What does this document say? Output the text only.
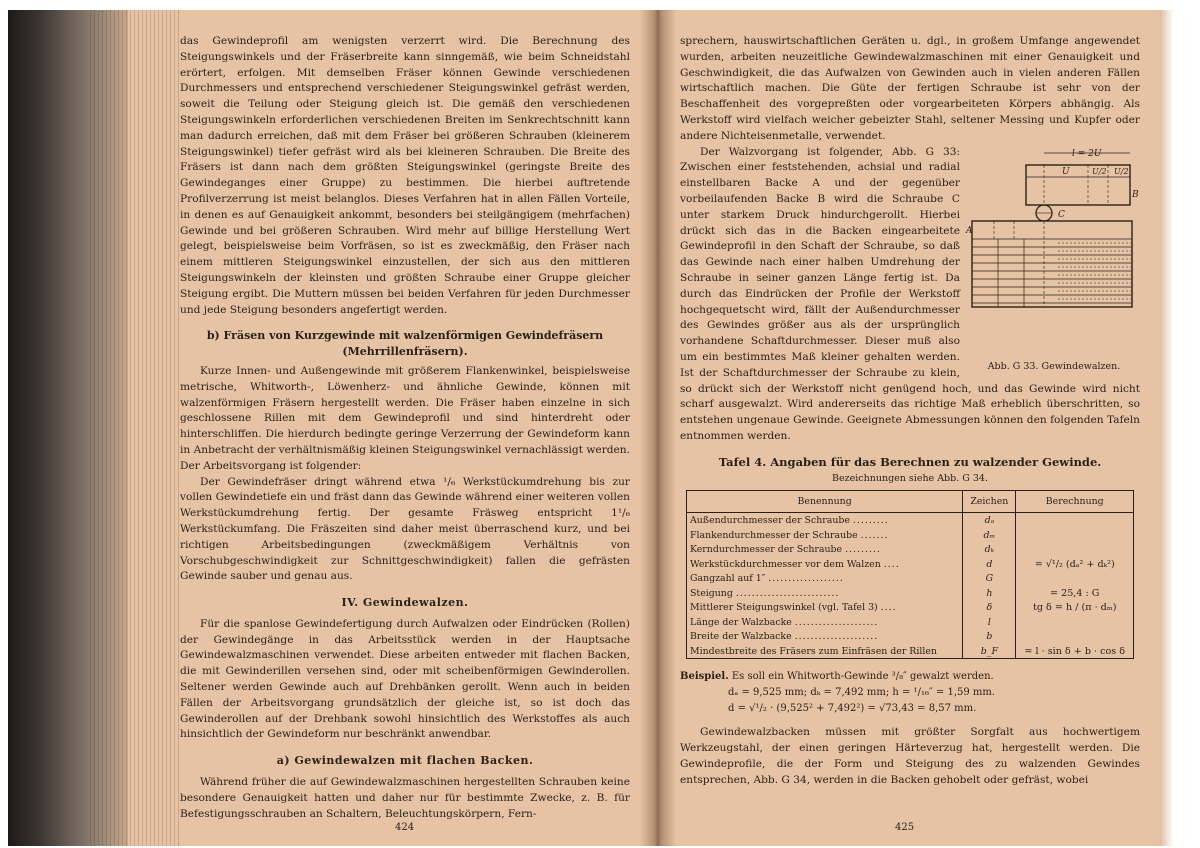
das Gewindeprofil am wenigsten verzerrt wird. Die Berechnung des Steigungswinkels und der Fräserbreite kann sinngemäß, wie beim Schneidstahl erörtert, erfolgen. Mit demselben Fräser können Gewinde verschiedenen Durchmessers und entsprechend verschiedener Steigungswinkel gefräst werden, soweit die Teilung oder Steigung gleich ist. Die gemäß den verschiedenen Steigungswinkeln erforderlichen verschiedenen Breiten im Senkrechtschnitt kann man dadurch erreichen, daß mit dem Fräser bei größeren Schrauben (kleinerem Steigungswinkel) tiefer gefräst wird als bei kleineren Schrauben. Die Breite des Fräsers ist dann nach dem größten Steigungswinkel (geringste Breite des Gewindeganges einer Gruppe) zu bestimmen. Die hierbei auftretende Profilverzerrung ist meist belanglos. Dieses Verfahren hat in allen Fällen Vorteile, in denen es auf Genauigkeit ankommt, besonders bei steilgängigem (mehrfachen) Gewinde und bei größeren Schrauben. Wird mehr auf billige Herstellung Wert gelegt, beispielsweise beim Vorfräsen, so ist es zweckmäßig, den Fräser nach einem mittleren Steigungswinkel einzustellen, der sich aus den mittleren Steigungswinkeln der kleinsten und größten Schraube einer Gruppe gleicher Steigung ergibt. Die Muttern müssen bei beiden Verfahren für jeden Durchmesser und jede Steigung besonders angefertigt werden.

b) Fräsen von Kurzgewinde mit walzenförmigen Gewindefräsern
(Mehrrillenfräsern).

Kurze Innen- und Außengewinde mit größerem Flankenwinkel, beispielsweise metrische, Whitworth-, Löwenherz- und ähnliche Gewinde, können mit walzenförmigen Fräsern hergestellt werden. Die Fräser haben einzelne in sich geschlossene Rillen mit dem Gewindeprofil und sind hinterdreht oder hinterschliffen. Die hierdurch bedingte geringe Verzerrung der Gewindeform kann in Anbetracht der verhältnismäßig kleinen Steigungswinkel vernachlässigt werden. Der Arbeitsvorgang ist folgender:

Der Gewindefräser dringt während etwa ¹/₆ Werkstückumdrehung bis zur vollen Gewindetiefe ein und fräst dann das Gewinde während einer weiteren vollen Werkstückumdrehung fertig. Der gesamte Fräsweg entspricht 1¹/₆ Werkstückumfang. Die Fräszeiten sind daher meist überraschend kurz, und bei richtigen Arbeitsbedingungen (zweckmäßigem Verhältnis von Vorschubgeschwindigkeit zur Schnittgeschwindigkeit) fallen die gefrästen Gewinde sauber und genau aus.

IV. Gewindewalzen.

Für die spanlose Gewindefertigung durch Aufwalzen oder Eindrücken (Rollen) der Gewindegänge in das Arbeitsstück werden in der Hauptsache Gewindewalzmaschinen verwendet. Diese arbeiten entweder mit flachen Backen, die mit Gewinderillen versehen sind, oder mit scheibenförmigen Gewinderollen. Seltener werden Gewinde auch auf Drehbänken gerollt. Wenn auch in beiden Fällen der Arbeitsvorgang grundsätzlich der gleiche ist, so ist doch das Gewinderollen auf der Drehbank sowohl hinsichtlich des Werkstoffes als auch hinsichtlich der Gewindeform nur beschränkt anwendbar.

a) Gewindewalzen mit flachen Backen.

Während früher die auf Gewindewalzmaschinen hergestellten Schrauben keine besondere Genauigkeit hatten und daher nur für bestimmte Zwecke, z. B. für Befestigungsschrauben an Schaltern, Beleuchtungskörpern, Fern-

424

sprechern, hauswirtschaftlichen Geräten u. dgl., in großem Umfange angewendet wurden, arbeiten neuzeitliche Gewindewalzmaschinen mit einer Genauigkeit und Geschwindigkeit, die das Aufwalzen von Gewinden auch in vielen anderen Fällen wirtschaftlich machen. Die Güte der fertigen Schraube ist sehr von der Beschaffenheit des vorgepreßten oder vorgearbeiteten Körpers abhängig. Als Werkstoff wird vielfach weicher gebeizter Stahl, seltener Messing und Kupfer oder andere Nichteisenmetalle, verwendet.

l = 2U
U	U/2 U/2
B
C
A
Abb. G 33. Gewindewalzen.

Der Walzvorgang ist folgender, Abb. G 33: Zwischen einer feststehenden, achsial und radial einstellbaren Backe A und der gegenüber vorbeilaufenden Backe B wird die Schraube C unter starkem Druck hindurchgerollt. Hierbei drückt sich das in die Backen eingearbeitete Gewindeprofil in den Schaft der Schraube, so daß das Gewinde nach einer halben Umdrehung der Schraube in seiner ganzen Länge fertig ist. Da durch das Eindrücken der Profile der Werkstoff hochgequetscht wird, fällt der Außendurchmesser des Gewindes größer aus als der ursprünglich vorhandene Schaftdurchmesser. Dieser muß also um ein bestimmtes Maß kleiner gehalten werden. Ist der Schaftdurchmesser der Schraube zu klein, so drückt sich der Werkstoff nicht genügend hoch, und das Gewinde wird nicht scharf ausgewalzt. Wird andererseits das richtige Maß erheblich überschritten, so entstehen ungenaue Gewinde. Geeignete Abmessungen können den folgenden Tafeln entnommen werden.

Tafel 4. Angaben für das Berechnen zu walzender Gewinde.
Bezeichnungen siehe Abb. G 34.
Benennung	Zeichen	Berechnung
Außendurchmesser der Schraube .........	dₐ	
Flankendurchmesser der Schraube .......	dₘ	
Kerndurchmesser der Schraube .........	dₖ	
Werkstückdurchmesser vor dem Walzen ....	d	= √¹/₂ (dₐ² + dₖ²)
Gangzahl auf 1″ ...................	G	
Steigung ..........................	h	= 25,4 : G
Mittlerer Steigungswinkel (vgl. Tafel 3) ....	δ	tg δ = h / (π · dₘ)
Länge der Walzbacke .....................	l	
Breite der Walzbacke .....................	b	
Mindestbreite des Fräsers zum Einfräsen der Rillen	b_F	= l · sin δ + b · cos δ
Beispiel. Es soll ein Whitworth-Gewinde ³/₈″ gewalzt werden.
dₐ = 9,525 mm; dₖ = 7,492 mm; h = ¹/₁₆″ = 1,59 mm.
d = √¹/₂ · (9,525² + 7,492²) = √73,43 = 8,57 mm.

Gewindewalzbacken müssen mit größter Sorgfalt aus hochwertigem Werkzeugstahl, der einen geringen Härteverzug hat, hergestellt werden. Die Gewindeprofile, die der Form und Steigung des zu walzenden Gewindes entsprechen, Abb. G 34, werden in die Backen gehobelt oder gefräst, wobei

425
